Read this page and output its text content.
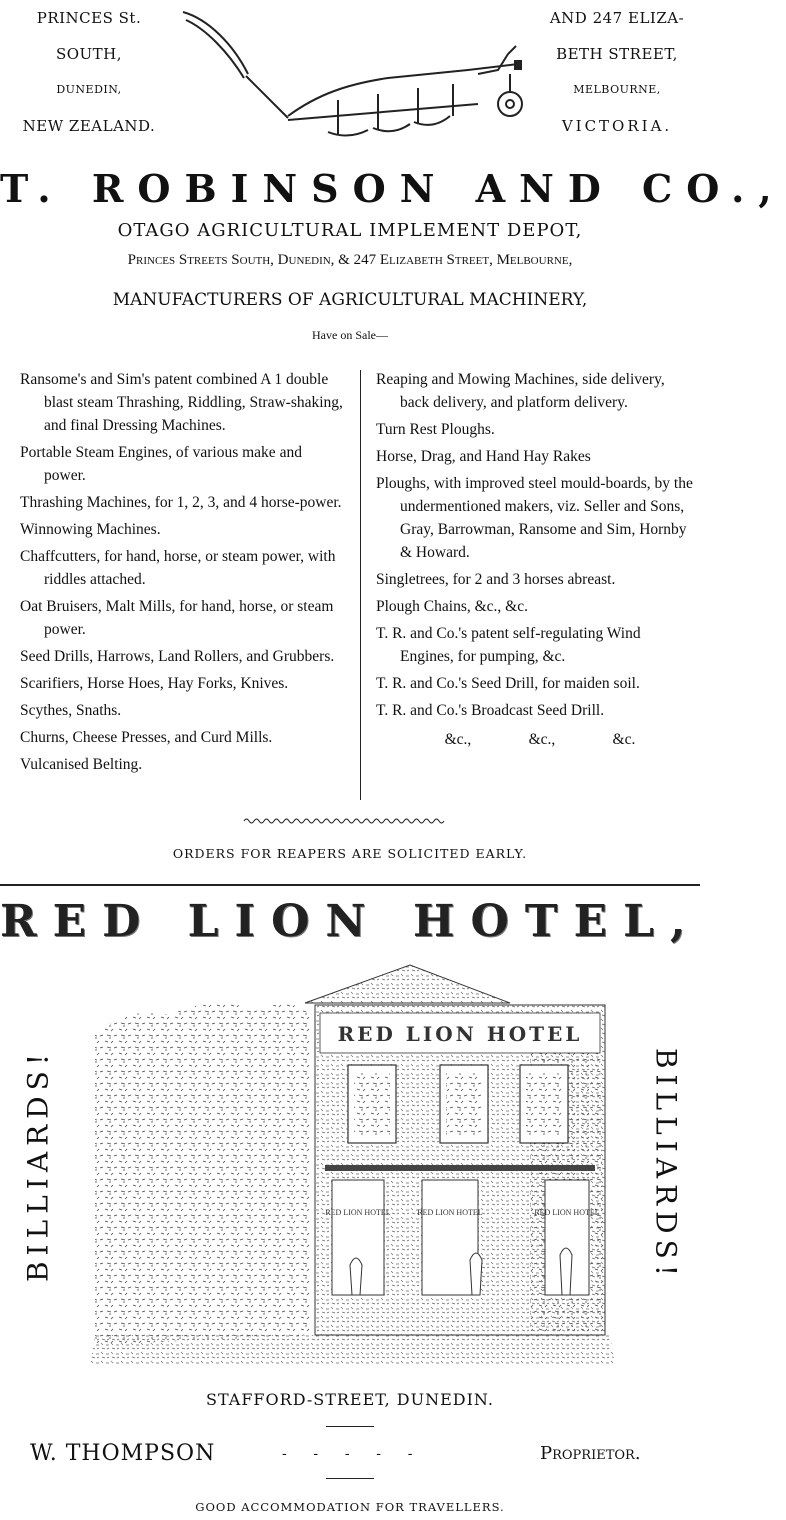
PRINCES St.
SOUTH,
DUNEDIN,
NEW ZEALAND.
AND 247 ELIZA-
BETH STREET,
MELBOURNE,
VICTORIA.
T. ROBINSON AND CO.,
OTAGO AGRICULTURAL IMPLEMENT DEPOT,
Princes Streets South, Dunedin, & 247 Elizabeth Street, Melbourne,
MANUFACTURERS OF AGRICULTURAL MACHINERY,
Have on Sale—

Ransome's and Sim's patent combined A 1 double blast steam Thrashing, Riddling, Straw-shaking, and final Dressing Machines.

Portable Steam Engines, of various make and power.

Thrashing Machines, for 1, 2, 3, and 4 horse-power.

Winnowing Machines.

Chaffcutters, for hand, horse, or steam power, with riddles attached.

Oat Bruisers, Malt Mills, for hand, horse, or steam power.

Seed Drills, Harrows, Land Rollers, and Grubbers.

Scarifiers, Horse Hoes, Hay Forks, Knives.

Scythes, Snaths.

Churns, Cheese Presses, and Curd Mills.

Vulcanised Belting.

Reaping and Mowing Machines, side delivery, back delivery, and platform delivery.

Turn Rest Ploughs.

Horse, Drag, and Hand Hay Rakes

Ploughs, with improved steel mould-boards, by the undermentioned makers, viz. Seller and Sons, Gray, Barrowman, Ransome and Sim, Hornby & Howard.

Singletrees, for 2 and 3 horses abreast.

Plough Chains, &c., &c.

T. R. and Co.'s patent self-regulating Wind Engines, for pumping, &c.

T. R. and Co.'s Seed Drill, for maiden soil.

T. R. and Co.'s Broadcast Seed Drill.

&c.,	&c.,	&c.
ORDERS FOR REAPERS ARE SOLICITED EARLY.
RED LION HOTEL,
BILLIARDS!	BILLIARDS!
RED LION HOTEL
RED LION HOTEL	RED LION HOTEL	RED LION HOTEL
STAFFORD-STREET, DUNEDIN.
W. THOMPSON	-      -      -      -      -	Proprietor.
GOOD ACCOMMODATION FOR TRAVELLERS.
